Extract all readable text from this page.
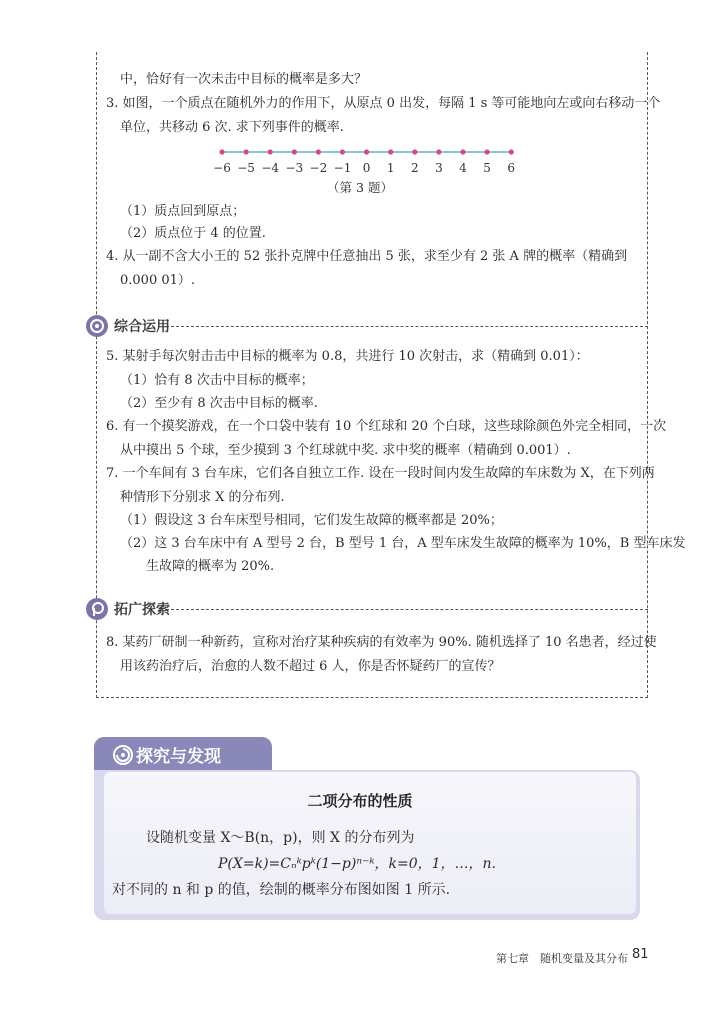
中，恰好有一次未击中目标的概率是多大？
3. 如图，一个质点在随机外力的作用下，从原点 0 出发，每隔 1 s 等可能地向左或向右移动一个
单位，共移动 6 次. 求下列事件的概率.
−6 −5 −4 −3 −2 −1 0 1 2 3 4 5 6
（第 3 题）
（1）质点回到原点；
（2）质点位于 4 的位置.
4. 从一副不含大小王的 52 张扑克牌中任意抽出 5 张，求至少有 2 张 A 牌的概率（精确到
0.000 01）.
综合运用
5. 某射手每次射击击中目标的概率为 0.8，共进行 10 次射击，求（精确到 0.01）：
（1）恰有 8 次击中目标的概率；
（2）至少有 8 次击中目标的概率.
6. 有一个摸奖游戏，在一个口袋中装有 10 个红球和 20 个白球，这些球除颜色外完全相同，一次
从中摸出 5 个球，至少摸到 3 个红球就中奖. 求中奖的概率（精确到 0.001）.
7. 一个车间有 3 台车床，它们各自独立工作. 设在一段时间内发生故障的车床数为 X，在下列两
种情形下分别求 X 的分布列.
（1）假设这 3 台车床型号相同，它们发生故障的概率都是 20%；
（2）这 3 台车床中有 A 型号 2 台，B 型号 1 台，A 型车床发生故障的概率为 10%，B 型车床发
生故障的概率为 20%.
拓广探索
8. 某药厂研制一种新药，宣称对治疗某种疾病的有效率为 90%. 随机选择了 10 名患者，经过使
用该药治疗后，治愈的人数不超过 6 人，你是否怀疑药厂的宣传？
探究与发现
二项分布的性质
设随机变量 X～B(n，p)，则 X 的分布列为
P(X=k)=Cₙᵏpᵏ(1−p)ⁿ⁻ᵏ，k=0，1，…，n.
对不同的 n 和 p 的值，绘制的概率分布图如图 1 所示.
第七章　随机变量及其分布 81
